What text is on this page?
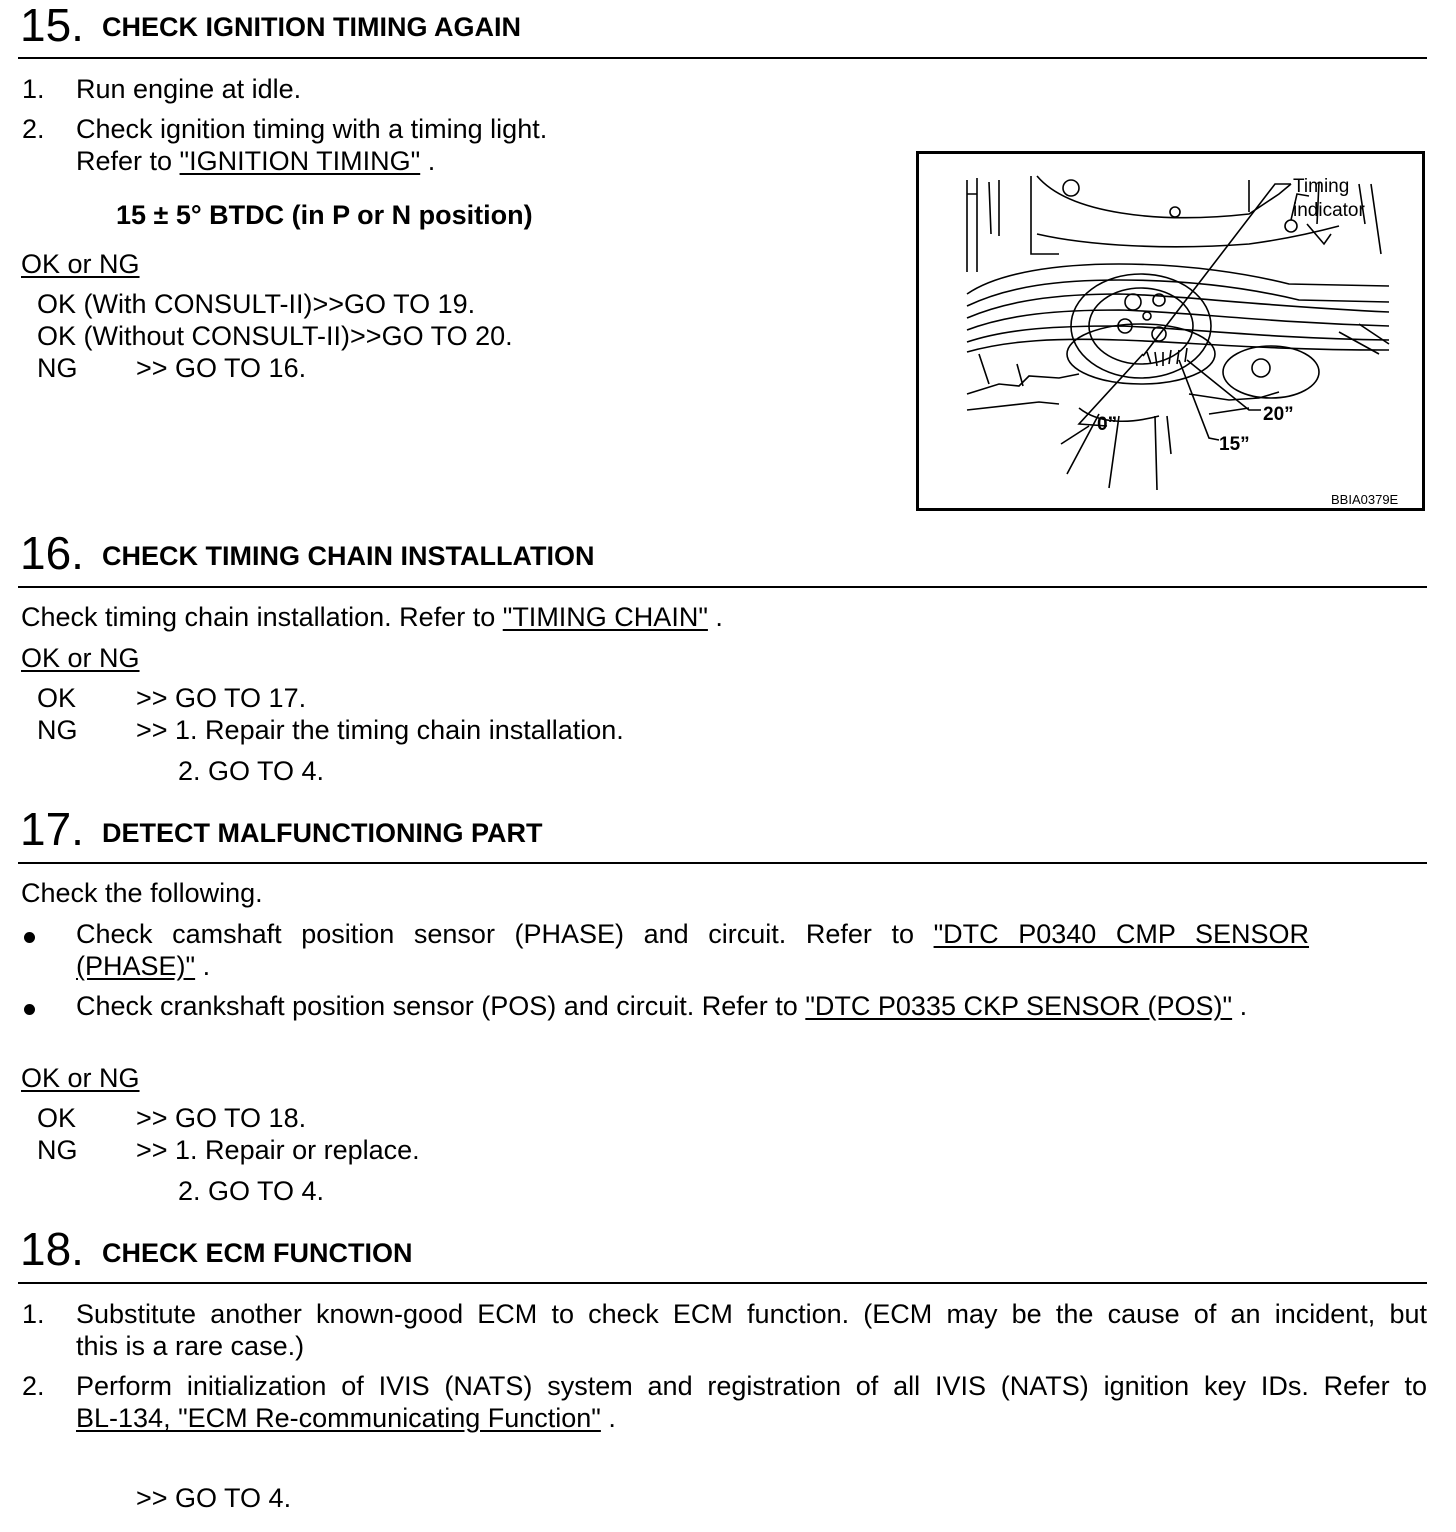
15. CHECK IGNITION TIMING AGAIN
1. Run engine at idle.
2. Check ignition timing with a timing light.
Refer to "IGNITION TIMING" .
15 ± 5° BTDC (in P or N position)
OK or NG
OK (With CONSULT-II)>>GO TO 19.
OK (Without CONSULT-II)>>GO TO 20.
NG >> GO TO 16.
Timing
indicator
0”
15”
20”
BBIA0379E
16. CHECK TIMING CHAIN INSTALLATION
Check timing chain installation. Refer to "TIMING CHAIN" .
OK or NG
OK >> GO TO 17.
NG >> 1. Repair the timing chain installation.
2. GO TO 4.
17. DETECT MALFUNCTIONING PART
Check the following.
Check camshaft position sensor (PHASE) and circuit. Refer to "DTC P0340 CMP SENSOR
(PHASE)" .
Check crankshaft position sensor (POS) and circuit. Refer to "DTC P0335 CKP SENSOR (POS)" .
OK or NG
OK >> GO TO 18.
NG >> 1. Repair or replace.
2. GO TO 4.
18. CHECK ECM FUNCTION
1. Substitute another known-good ECM to check ECM function. (ECM may be the cause of an incident, but
this is a rare case.)
2. Perform initialization of IVIS (NATS) system and registration of all IVIS (NATS) ignition key IDs. Refer to
BL-134, "ECM Re-communicating Function" .
>> GO TO 4.
